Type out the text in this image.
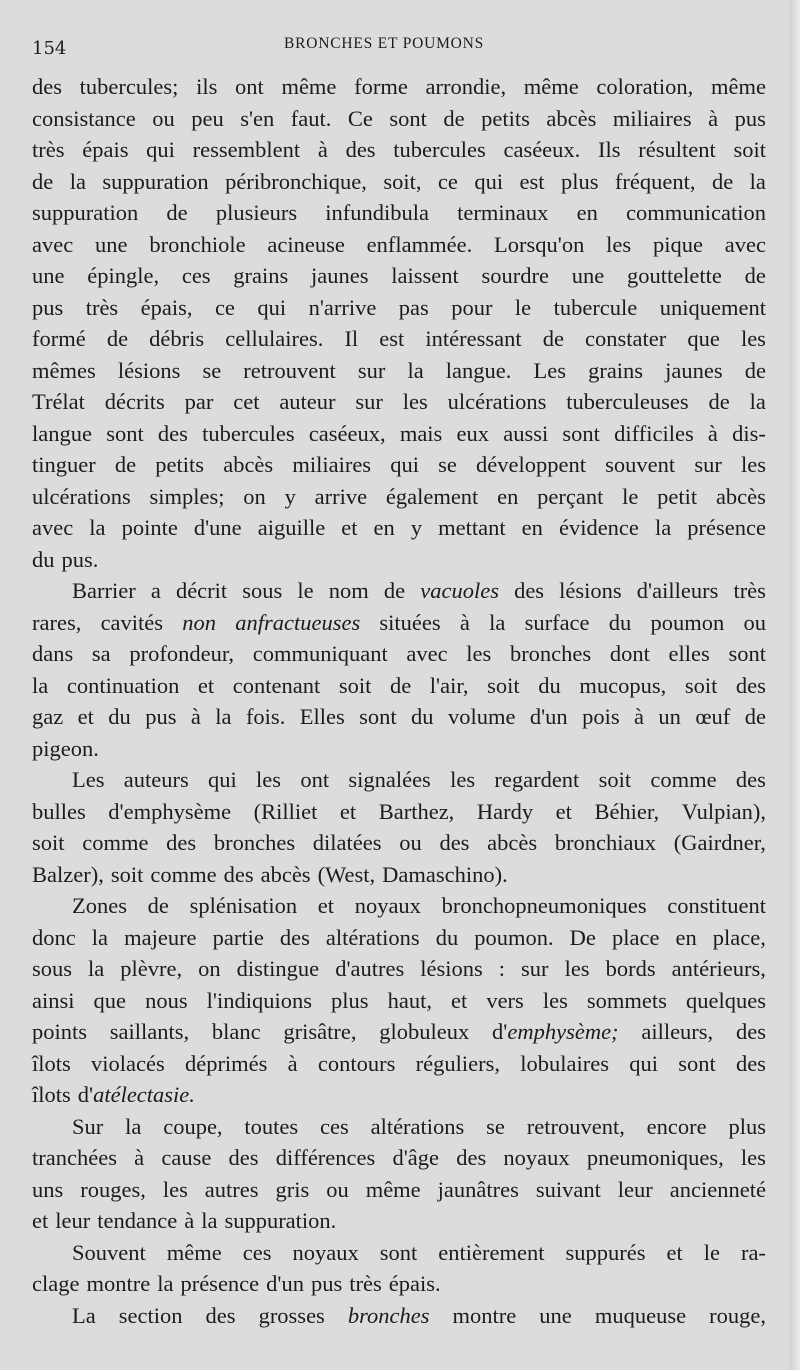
154	BRONCHES ET POUMONS
des tubercules; ils ont même forme arrondie, même coloration, même
consistance ou peu s'en faut. Ce sont de petits abcès miliaires à pus
très épais qui ressemblent à des tubercules caséeux. Ils résultent soit
de la suppuration péribronchique, soit, ce qui est plus fréquent, de la
suppuration de plusieurs infundibula terminaux en communication
avec une bronchiole acineuse enflammée. Lorsqu'on les pique avec
une épingle, ces grains jaunes laissent sourdre une gouttelette de
pus très épais, ce qui n'arrive pas pour le tubercule uniquement
formé de débris cellulaires. Il est intéressant de constater que les
mêmes lésions se retrouvent sur la langue. Les grains jaunes de
Trélat décrits par cet auteur sur les ulcérations tuberculeuses de la
langue sont des tubercules caséeux, mais eux aussi sont difficiles à dis-
tinguer de petits abcès miliaires qui se développent souvent sur les
ulcérations simples; on y arrive également en perçant le petit abcès
avec la pointe d'une aiguille et en y mettant en évidence la présence
du pus.
Barrier a décrit sous le nom de vacuoles des lésions d'ailleurs très
rares, cavités non anfractueuses situées à la surface du poumon ou
dans sa profondeur, communiquant avec les bronches dont elles sont
la continuation et contenant soit de l'air, soit du mucopus, soit des
gaz et du pus à la fois. Elles sont du volume d'un pois à un œuf de
pigeon.
Les auteurs qui les ont signalées les regardent soit comme des
bulles d'emphysème (Rilliet et Barthez, Hardy et Béhier, Vulpian),
soit comme des bronches dilatées ou des abcès bronchiaux (Gairdner,
Balzer), soit comme des abcès (West, Damaschino).
Zones de splénisation et noyaux bronchopneumoniques constituent
donc la majeure partie des altérations du poumon. De place en place,
sous la plèvre, on distingue d'autres lésions : sur les bords antérieurs,
ainsi que nous l'indiquions plus haut, et vers les sommets quelques
points saillants, blanc grisâtre, globuleux d'emphysème; ailleurs, des
îlots violacés déprimés à contours réguliers, lobulaires qui sont des
îlots d'atélectasie.
Sur la coupe, toutes ces altérations se retrouvent, encore plus
tranchées à cause des différences d'âge des noyaux pneumoniques, les
uns rouges, les autres gris ou même jaunâtres suivant leur ancienneté
et leur tendance à la suppuration.
Souvent même ces noyaux sont entièrement suppurés et le ra-
clage montre la présence d'un pus très épais.
La section des grosses bronches montre une muqueuse rouge,
